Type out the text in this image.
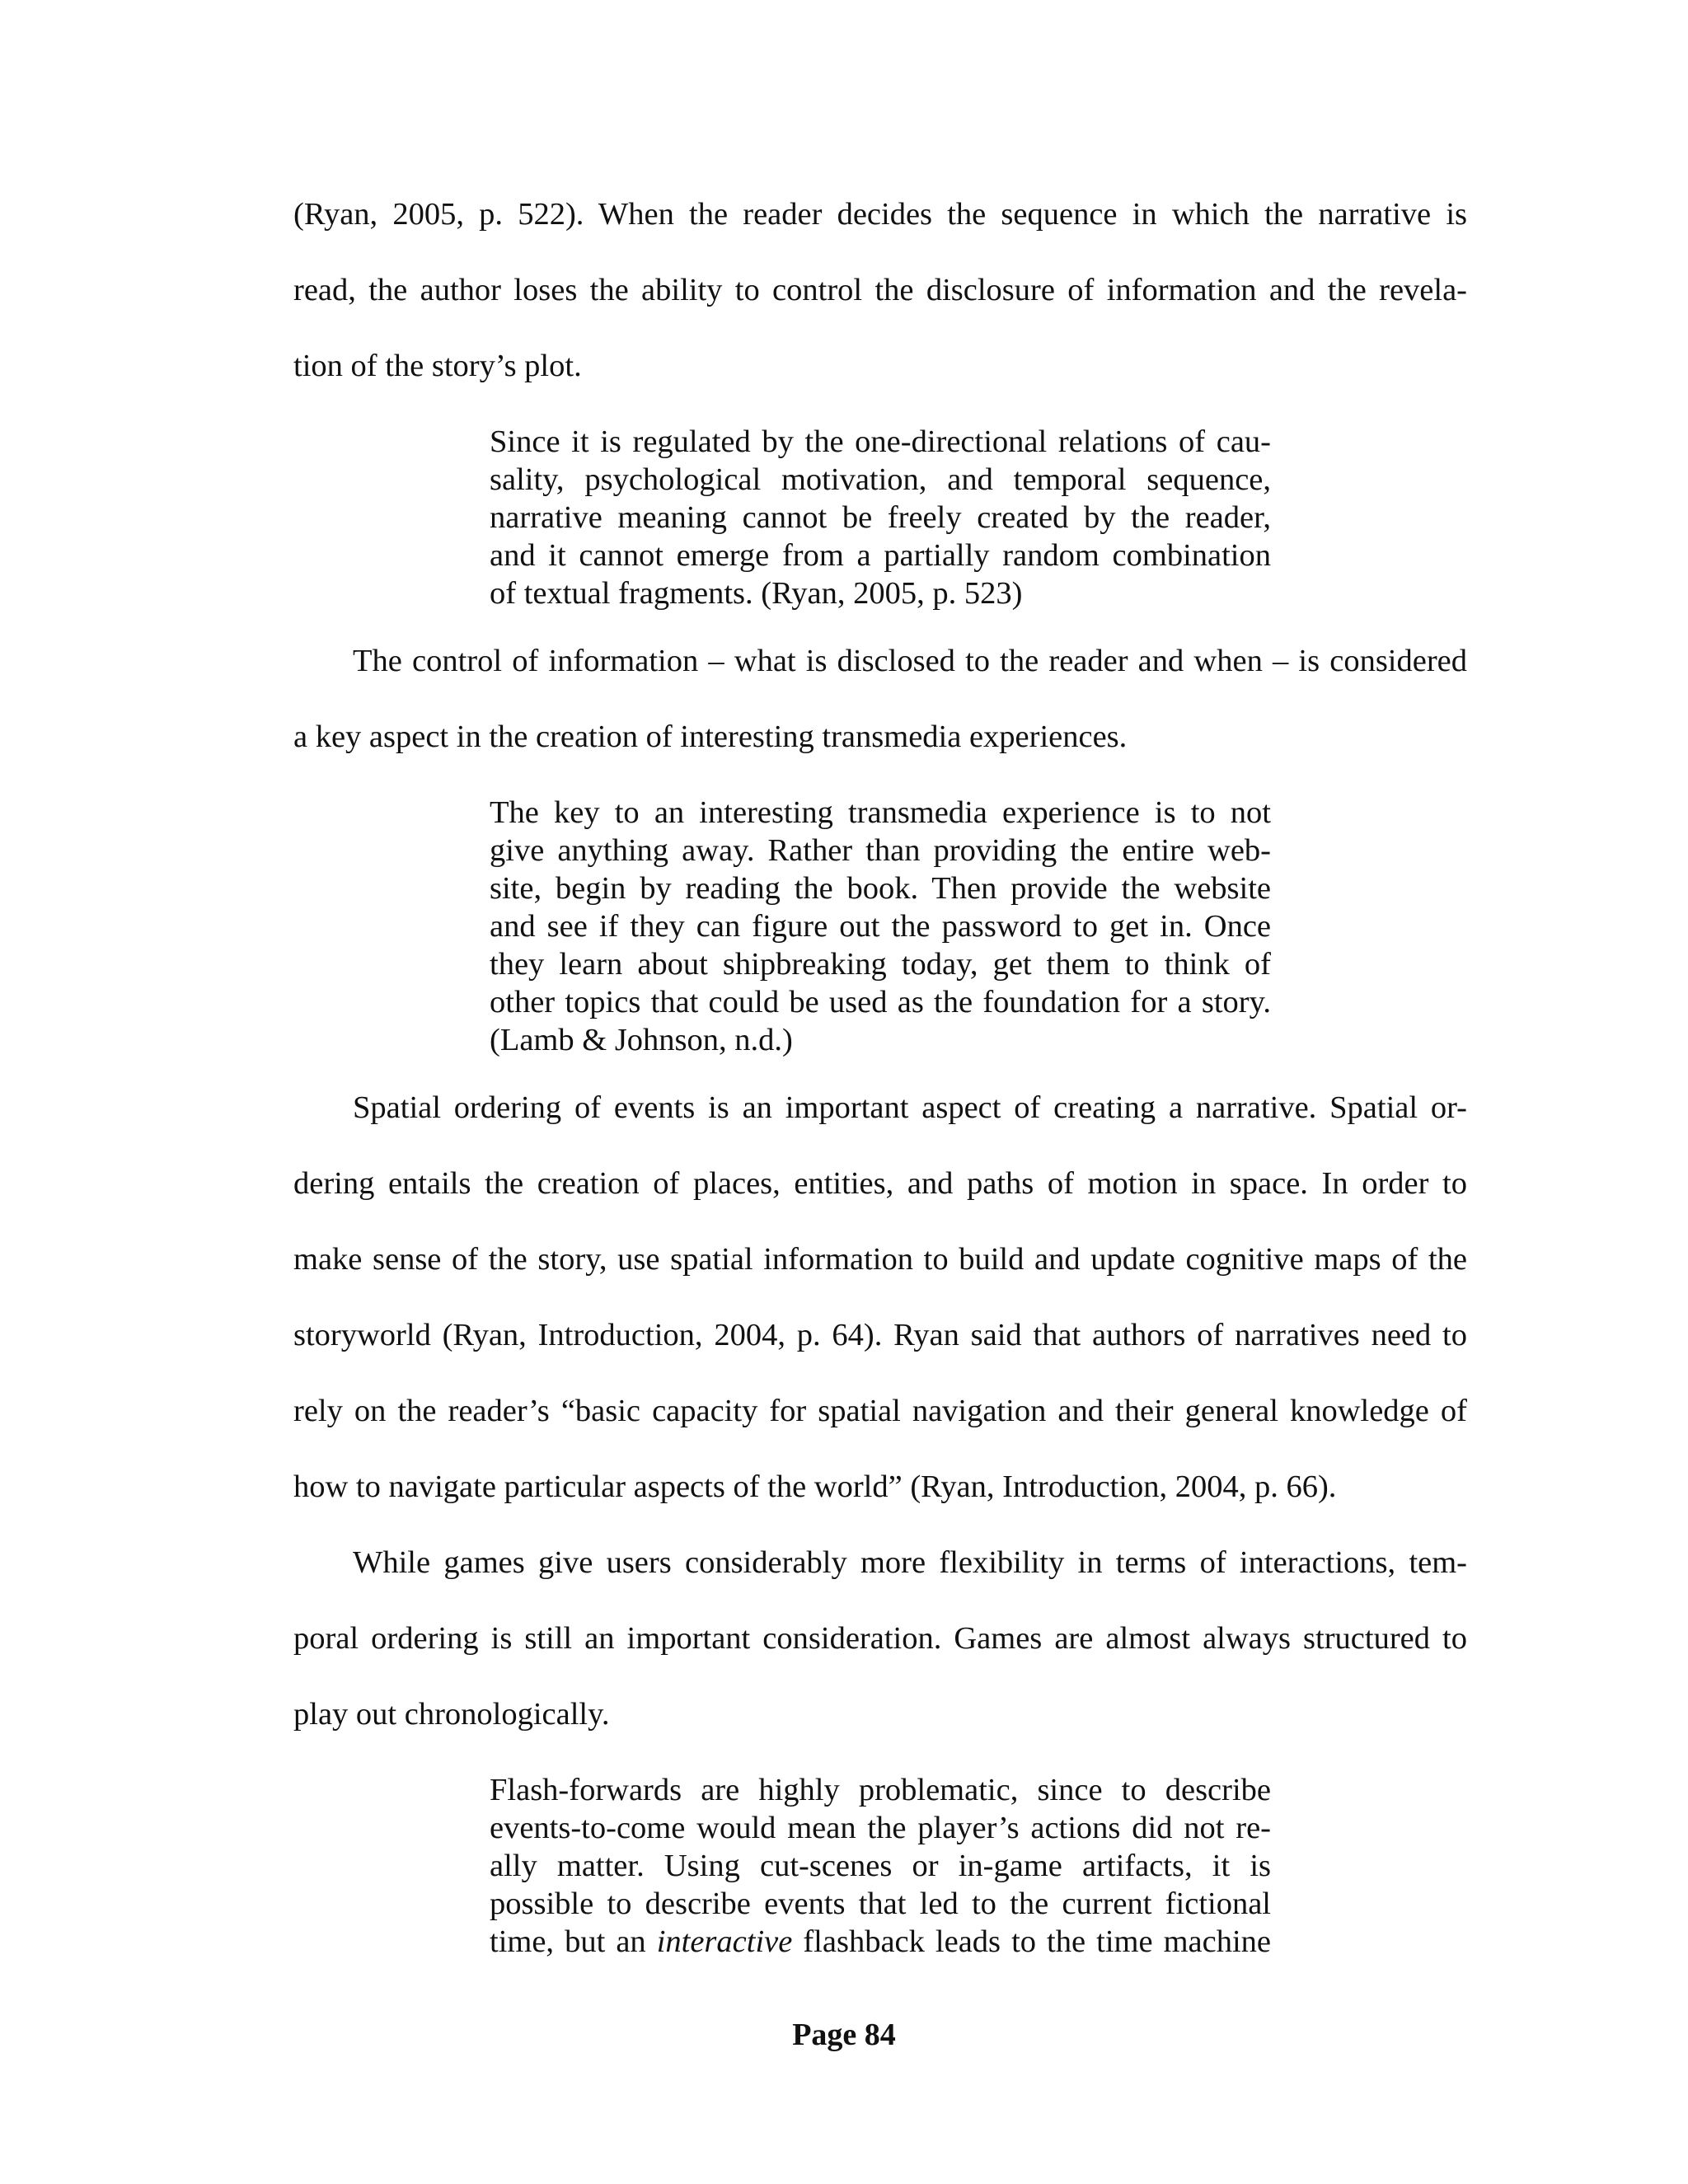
(Ryan, 2005, p. 522). When the reader decides the sequence in which the narrative is

read, the author loses the ability to control the disclosure of information and the revela-

tion of the story’s plot.

Since it is regulated by the one-directional relations of cau-

sality, psychological motivation, and temporal sequence,

narrative meaning cannot be freely created by the reader,

and it cannot emerge from a partially random combination

of textual fragments. (Ryan, 2005, p. 523)

The control of information – what is disclosed to the reader and when – is considered

a key aspect in the creation of interesting transmedia experiences.

The key to an interesting transmedia experience is to not

give anything away. Rather than providing the entire web-

site, begin by reading the book. Then provide the website

and see if they can figure out the password to get in. Once

they learn about shipbreaking today, get them to think of

other topics that could be used as the foundation for a story.

(Lamb & Johnson, n.d.)

Spatial ordering of events is an important aspect of creating a narrative. Spatial or-

dering entails the creation of places, entities, and paths of motion in space. In order to

make sense of the story, use spatial information to build and update cognitive maps of the

storyworld (Ryan, Introduction, 2004, p. 64). Ryan said that authors of narratives need to

rely on the reader’s “basic capacity for spatial navigation and their general knowledge of

how to navigate particular aspects of the world” (Ryan, Introduction, 2004, p. 66).

While games give users considerably more flexibility in terms of interactions, tem-

poral ordering is still an important consideration. Games are almost always structured to

play out chronologically.

Flash-forwards are highly problematic, since to describe

events-to-come would mean the player’s actions did not re-

ally matter. Using cut-scenes or in-game artifacts, it is

possible to describe events that led to the current fictional

time, but an interactive flashback leads to the time machine

Page 84
